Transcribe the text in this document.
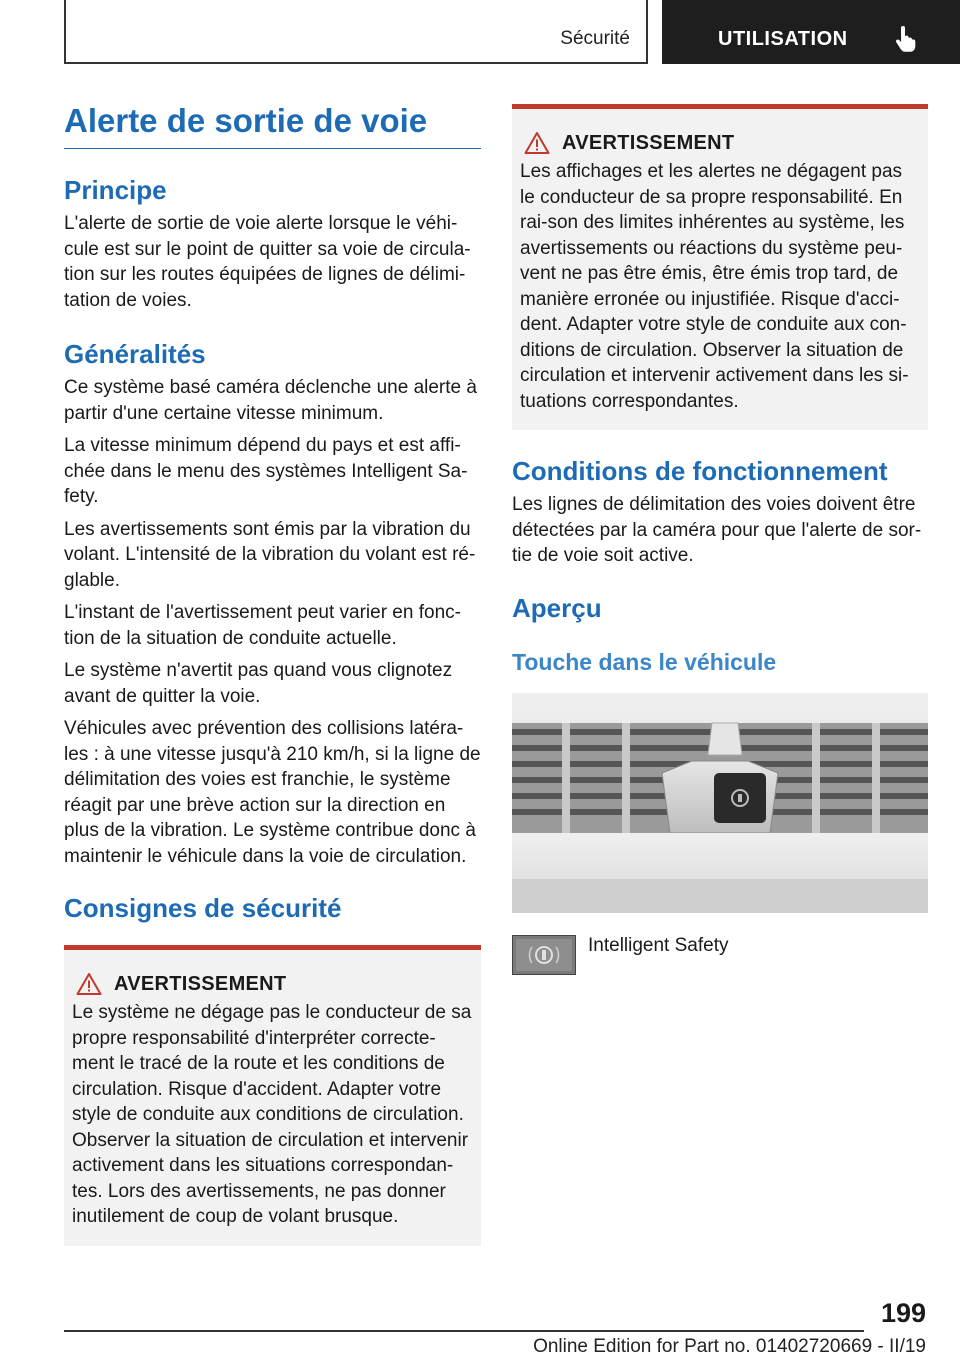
Sécurité	UTILISATION
Alerte de sortie de voie
Principe

L'alerte de sortie de voie alerte lorsque le véhi-cule est sur le point de quitter sa voie de circula-tion sur les routes équipées de lignes de délimi-tation de voies.

Généralités

Ce système basé caméra déclenche une alerte à partir d'une certaine vitesse minimum.

La vitesse minimum dépend du pays et est affi-chée dans le menu des systèmes Intelligent Sa-fety.

Les avertissements sont émis par la vibration du volant. L'intensité de la vibration du volant est ré-glable.

L'instant de l'avertissement peut varier en fonc-tion de la situation de conduite actuelle.

Le système n'avertit pas quand vous clignotez avant de quitter la voie.

Véhicules avec prévention des collisions latéra-les : à une vitesse jusqu'à 210 km/h, si la ligne de délimitation des voies est franchie, le système réagit par une brève action sur la direction en plus de la vibration. Le système contribue donc à maintenir le véhicule dans la voie de circulation.

Consignes de sécurité
AVERTISSEMENT

Le système ne dégage pas le conducteur de sa propre responsabilité d'interpréter correcte-ment le tracé de la route et les conditions de circulation. Risque d'accident. Adapter votre style de conduite aux conditions de circulation. Observer la situation de circulation et intervenir activement dans les situations correspondan-tes. Lors des avertissements, ne pas donner inutilement de coup de volant brusque.

AVERTISSEMENT

Les affichages et les alertes ne dégagent pas le conducteur de sa propre responsabilité. En rai-son des limites inhérentes au système, les avertissements ou réactions du système peu-vent ne pas être émis, être émis trop tard, de manière erronée ou injustifiée. Risque d'acci-dent. Adapter votre style de conduite aux con-ditions de circulation. Observer la situation de circulation et intervenir activement dans les si-tuations correspondantes.

Conditions de fonctionnement

Les lignes de délimitation des voies doivent être détectées par la caméra pour que l'alerte de sor-tie de voie soit active.

Aperçu
Touche dans le véhicule
Intelligent Safety
199
Online Edition for Part no. 01402720669 - II/19
